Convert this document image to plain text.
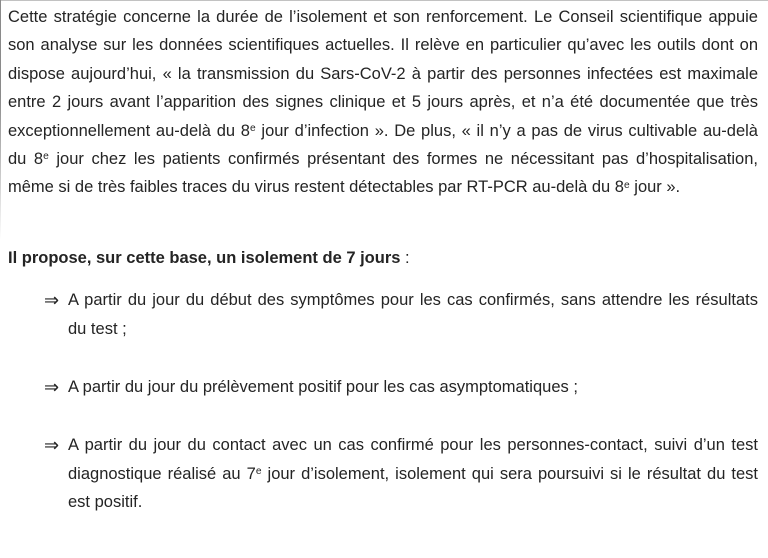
Cette stratégie concerne la durée de l’isolement et son renforcement. Le Conseil scientifique appuie son analyse sur les données scientifiques actuelles. Il relève en particulier qu’avec les outils dont on dispose aujourd’hui, « la transmission du Sars-CoV-2 à partir des personnes infectées est maximale entre 2 jours avant l’apparition des signes clinique et 5 jours après, et n’a été documentée que très exceptionnellement au-delà du 8e jour d’infection ». De plus, « il n’y a pas de virus cultivable au-delà du 8e jour chez les patients confirmés présentant des formes ne nécessitant pas d’hospitalisation, même si de très faibles traces du virus restent détectables par RT-PCR au-delà du 8e jour ».

Il propose, sur cette base, un isolement de 7 jours :

⇒ A partir du jour du début des symptômes pour les cas confirmés, sans attendre les résultats du test ;
⇒ A partir du jour du prélèvement positif pour les cas asymptomatiques ;
⇒ A partir du jour du contact avec un cas confirmé pour les personnes-contact, suivi d’un test diagnostique réalisé au 7e jour d’isolement, isolement qui sera poursuivi si le résultat du test est positif.
